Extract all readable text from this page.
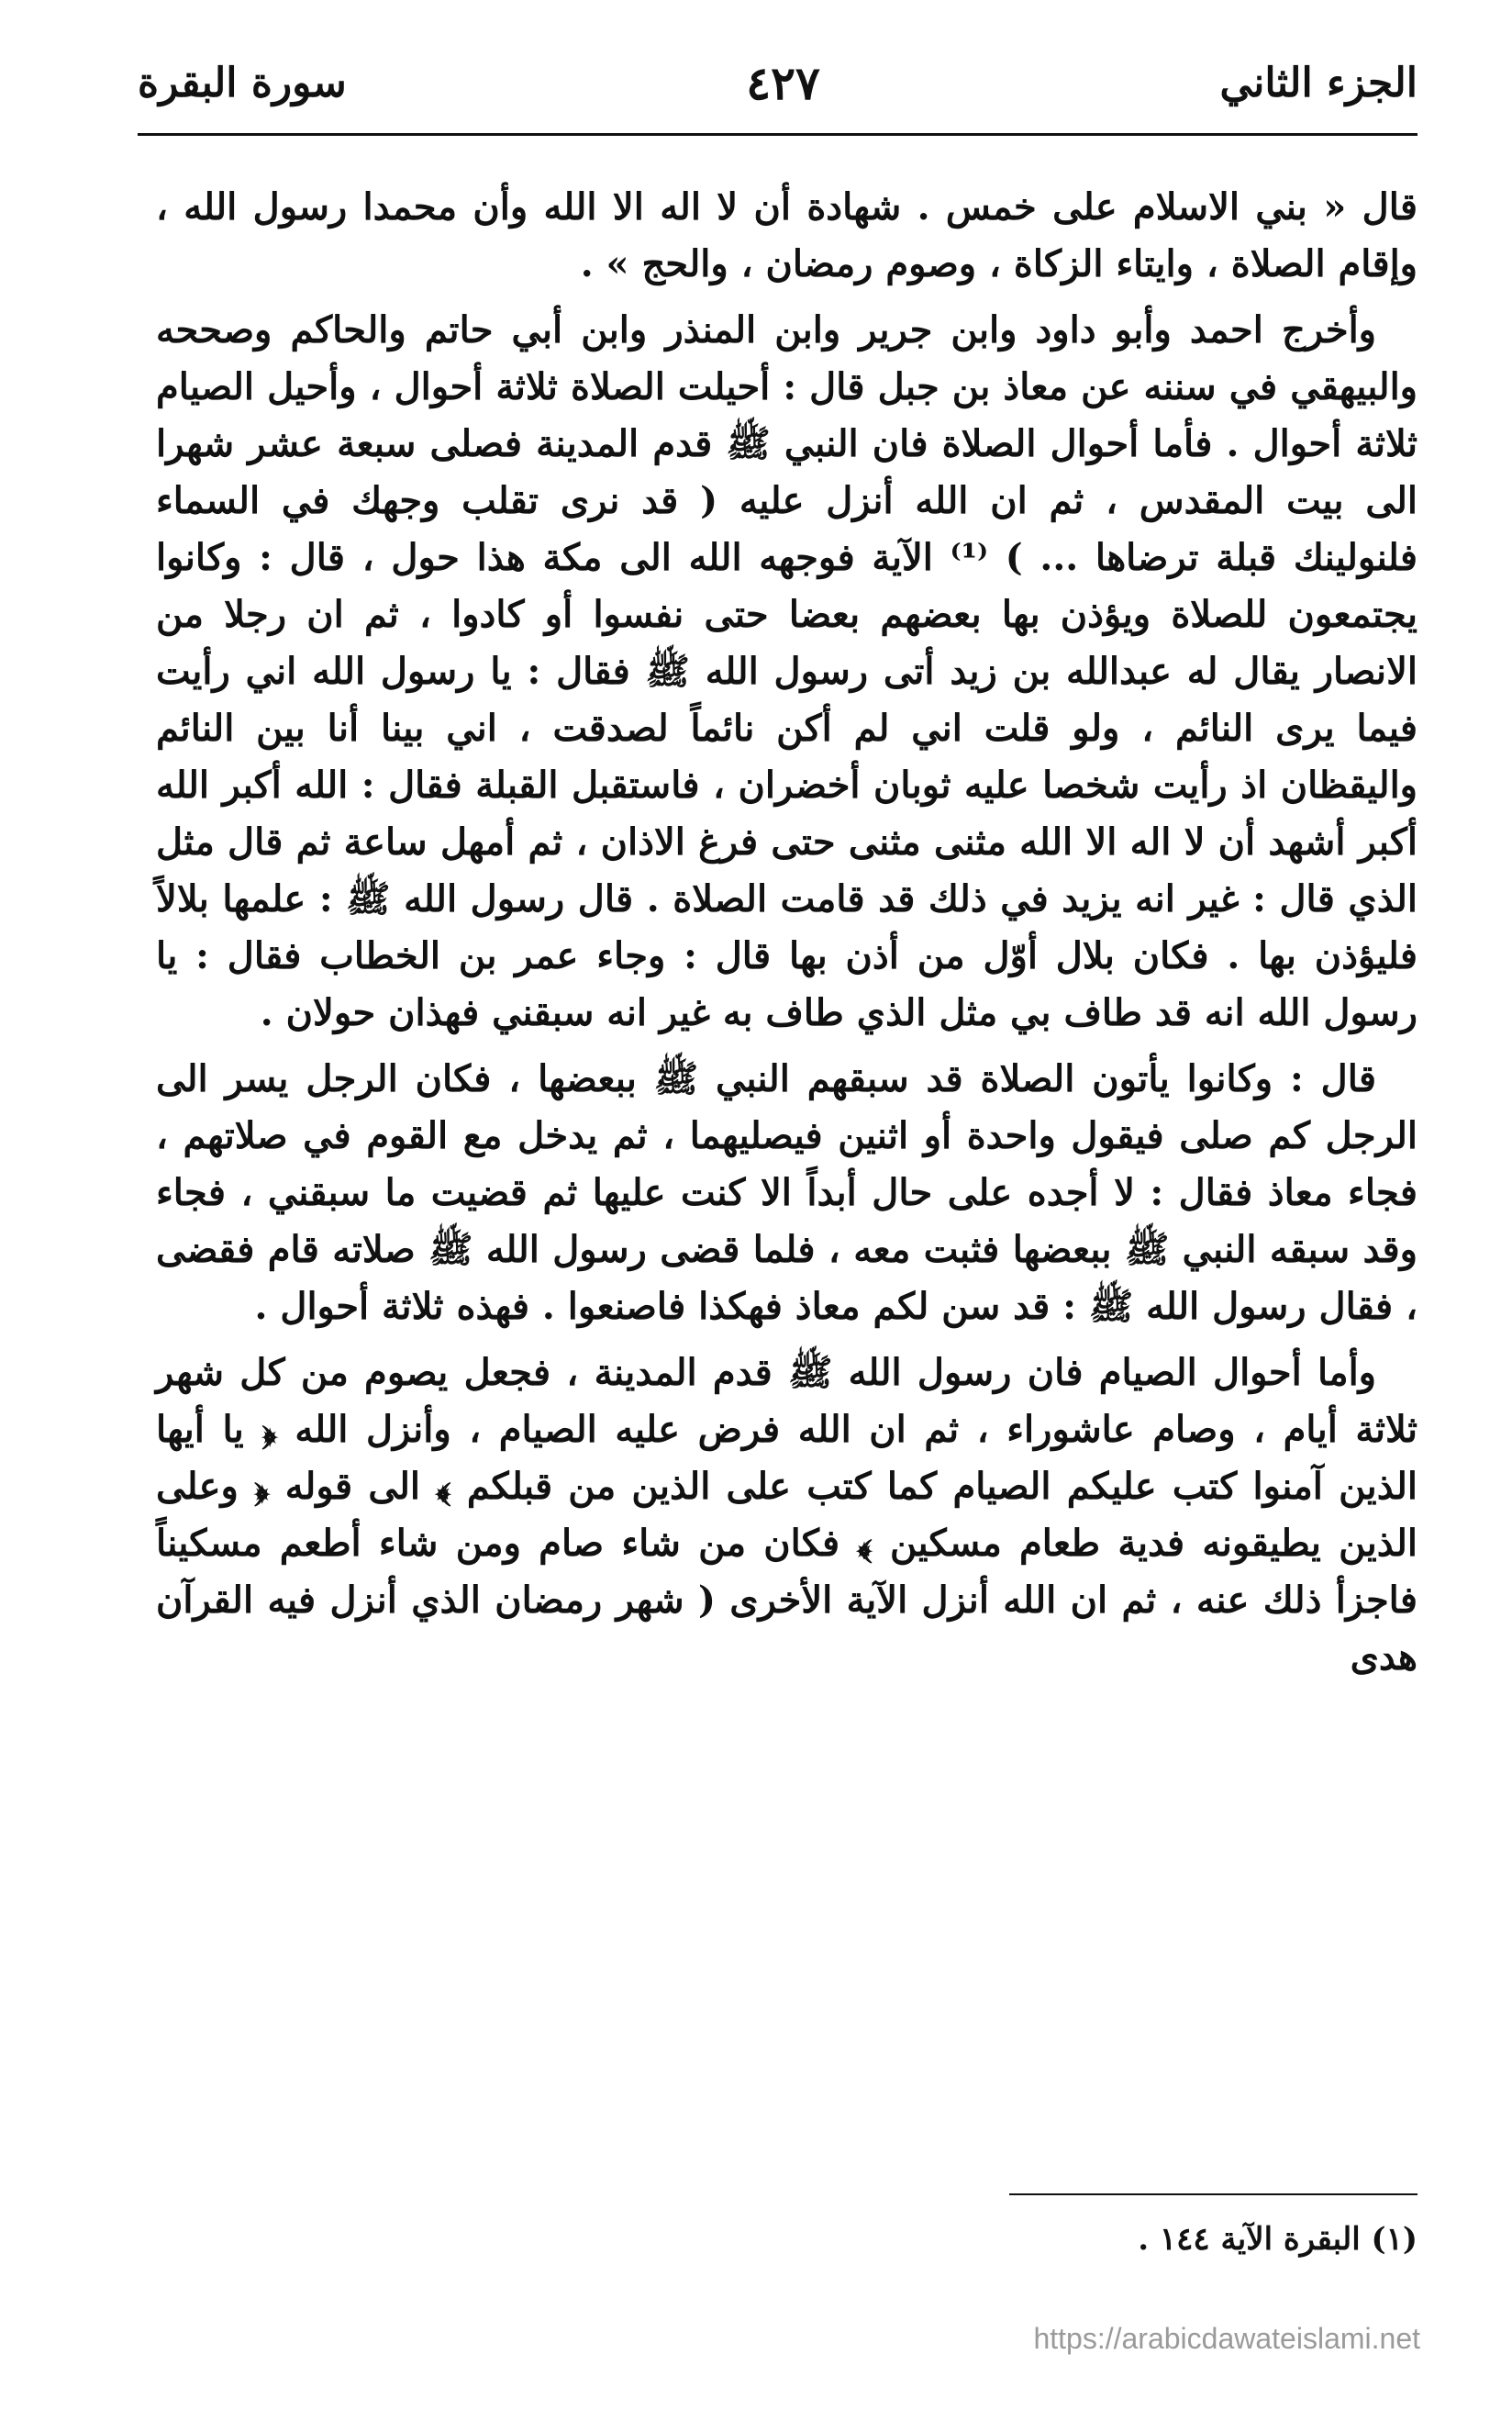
الجزء الثاني
٤٢٧
سورة البقرة

قال « بني الاسلام على خمس . شهادة أن لا اله الا الله وأن محمدا رسول الله ، وإقام الصلاة ، وايتاء الزكاة ، وصوم رمضان ، والحج » .

وأخرج احمد وأبو داود وابن جرير وابن المنذر وابن أبي حاتم والحاكم وصححه والبيهقي في سننه عن معاذ بن جبل قال : أحيلت الصلاة ثلاثة أحوال ، وأحيل الصيام ثلاثة أحوال . فأما أحوال الصلاة فان النبي ﷺ قدم المدينة فصلى سبعة عشر شهرا الى بيت المقدس ، ثم ان الله أنزل عليه ( قد نرى تقلب وجهك في السماء فلنولينك قبلة ترضاها ... ) ⁽¹⁾ الآية فوجهه الله الى مكة هذا حول ، قال : وكانوا يجتمعون للصلاة ويؤذن بها بعضهم بعضا حتى نفسوا أو كادوا ، ثم ان رجلا من الانصار يقال له عبدالله بن زيد أتى رسول الله ﷺ فقال : يا رسول الله اني رأيت فيما يرى النائم ، ولو قلت اني لم أكن نائماً لصدقت ، اني بينا أنا بين النائم واليقظان اذ رأيت شخصا عليه ثوبان أخضران ، فاستقبل القبلة فقال : الله أكبر الله أكبر أشهد أن لا اله الا الله مثنى مثنى حتى فرغ الاذان ، ثم أمهل ساعة ثم قال مثل الذي قال : غير انه يزيد في ذلك قد قامت الصلاة . قال رسول الله ﷺ : علمها بلالاً فليؤذن بها . فكان بلال أوّل من أذن بها قال : وجاء عمر بن الخطاب فقال : يا رسول الله انه قد طاف بي مثل الذي طاف به غير انه سبقني فهذان حولان .

قال : وكانوا يأتون الصلاة قد سبقهم النبي ﷺ ببعضها ، فكان الرجل يسر الى الرجل كم صلى فيقول واحدة أو اثنين فيصليهما ، ثم يدخل مع القوم في صلاتهم ، فجاء معاذ فقال : لا أجده على حال أبداً الا كنت عليها ثم قضيت ما سبقني ، فجاء وقد سبقه النبي ﷺ ببعضها فثبت معه ، فلما قضى رسول الله ﷺ صلاته قام فقضى ، فقال رسول الله ﷺ : قد سن لكم معاذ فهكذا فاصنعوا . فهذه ثلاثة أحوال .

وأما أحوال الصيام فان رسول الله ﷺ قدم المدينة ، فجعل يصوم من كل شهر ثلاثة أيام ، وصام عاشوراء ، ثم ان الله فرض عليه الصيام ، وأنزل الله ﴿ يا أيها الذين آمنوا كتب عليكم الصيام كما كتب على الذين من قبلكم ﴾ الى قوله ﴿ وعلى الذين يطيقونه فدية طعام مسكين ﴾ فكان من شاء صام ومن شاء أطعم مسكيناً فاجزأ ذلك عنه ، ثم ان الله أنزل الآية الأخرى ( شهر رمضان الذي أنزل فيه القرآن هدى

(١) البقرة الآية ١٤٤ .
https://arabicdawateislami.net
